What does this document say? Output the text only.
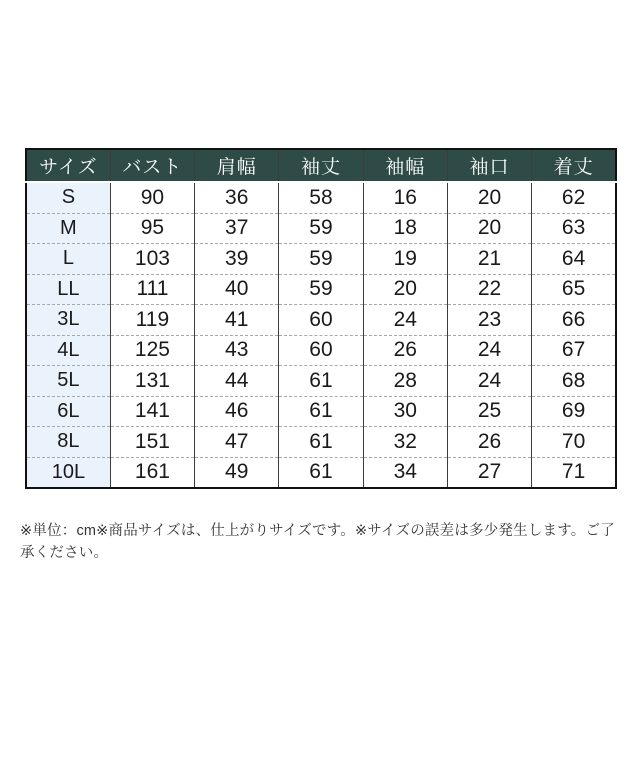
サイズ	バスト	肩幅	袖丈	袖幅	袖口	着丈
S	90	36	58	16	20	62
M	95	37	59	18	20	63
L	103	39	59	19	21	64
LL	111	40	59	20	22	65
3L	119	41	60	24	23	66
4L	125	43	60	26	24	67
5L	131	44	61	28	24	68
6L	141	46	61	30	25	69
8L	151	47	61	32	26	70
10L	161	49	61	34	27	71
※単位：cm※商品サイズは、仕上がりサイズです。※サイズの誤差は多少発生します。ご了承ください。
